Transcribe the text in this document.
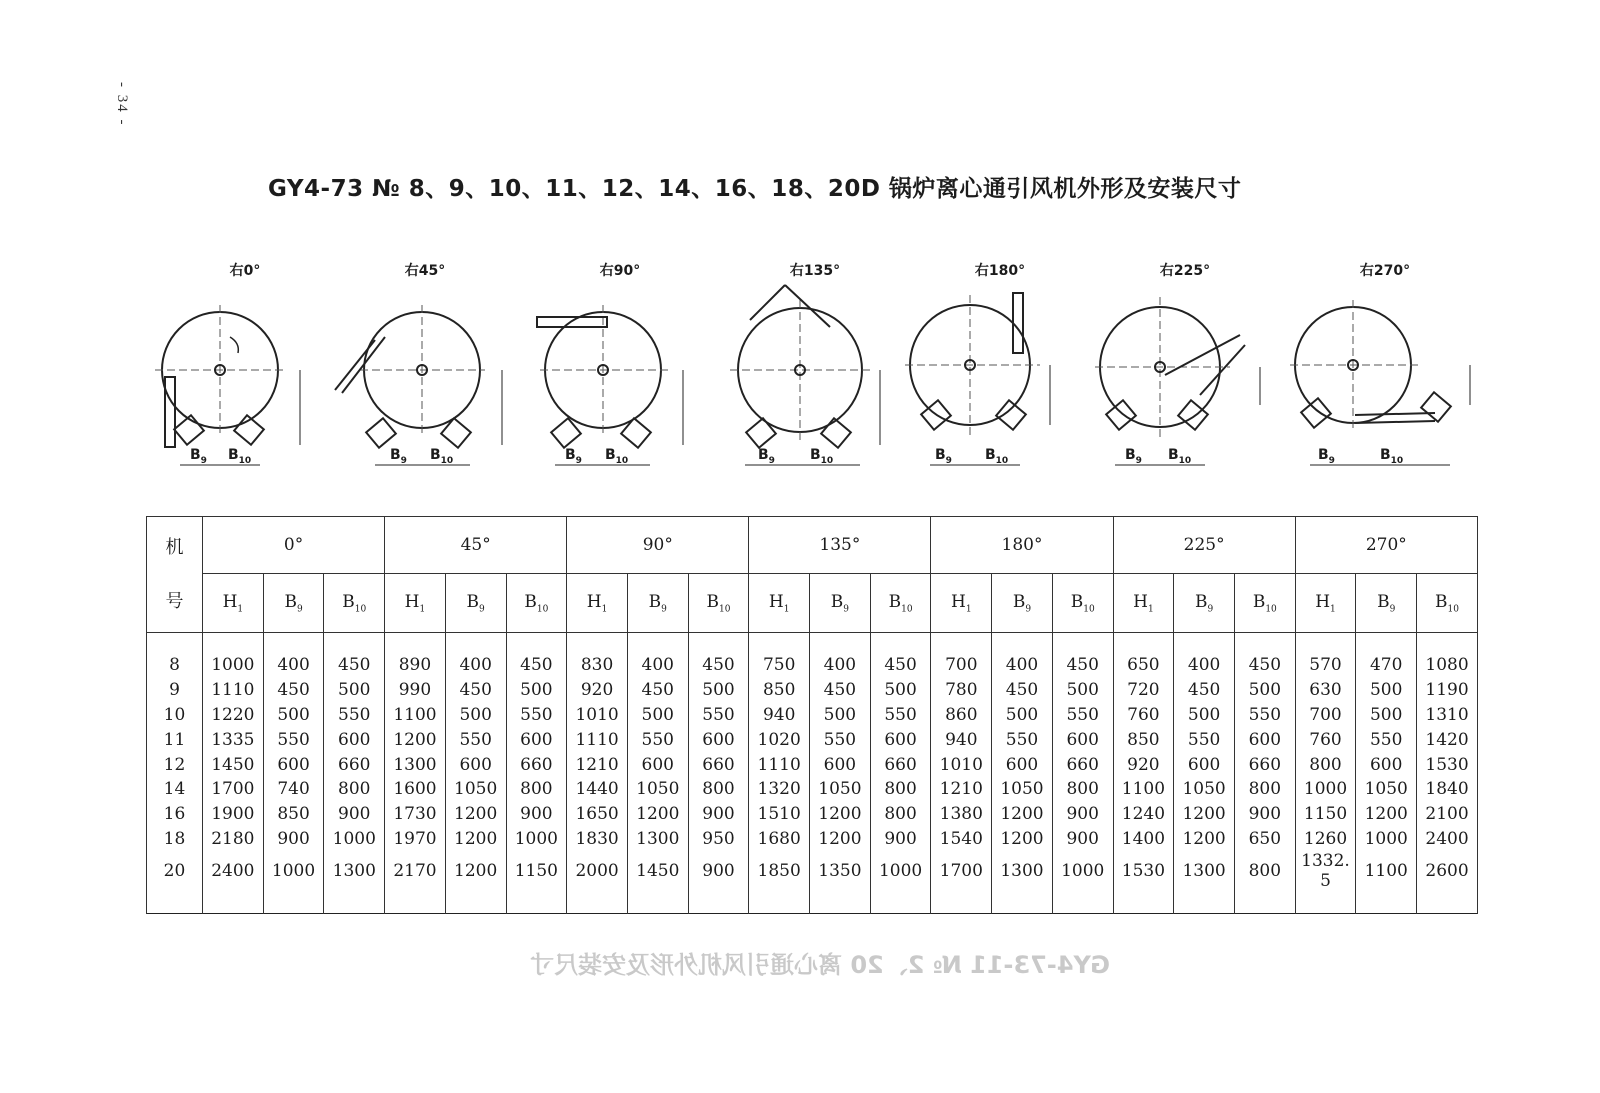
- 34 -
GY4-73 № 8、9、10、11、12、14、16、18、20D 锅炉离心通引风机外形及安装尺寸
右0°
$B_9$ $B_{10}$
右45°
$B_9$ $B_{10}$
右90°
$B_9$ $B_{10}$
右135°
$B_9$	$B_{10}$
右180°
$B_9$ $B_{10}$
右225°
$B_9$ $B_{10}$
右270°
$B_9$	$B_{10}$
机
号	0°			45°			90°			135°			180°			225°			270°		
	$H_1$	$B_9$	$B_{10}$	$H_1$	$B_9$	$B_{10}$	$H_1$	$B_9$	$B_{10}$	$H_1$	$B_9$	$B_{10}$	$H_1$	$B_9$	$B_{10}$	$H_1$	$B_9$	$B_{10}$	$H_1$	$B_9$	$B_{10}$
8	1000	400	450	890	400	450	830	400	450	750	400	450	700	400	450	650	400	450	570	470	1080
9	1110	450	500	990	450	500	920	450	500	850	450	500	780	450	500	720	450	500	630	500	1190
10	1220	500	550	1100	500	550	1010	500	550	940	500	550	860	500	550	760	500	550	700	500	1310
11	1335	550	600	1200	550	600	1110	550	600	1020	550	600	940	550	600	850	550	600	760	550	1420
12	1450	600	660	1300	600	660	1210	600	660	1110	600	660	1010	600	660	920	600	660	800	600	1530
14	1700	740	800	1600	1050	800	1440	1050	800	1320	1050	800	1210	1050	800	1100	1050	800	1000	1050	1840
16	1900	850	900	1730	1200	900	1650	1200	900	1510	1200	800	1380	1200	900	1240	1200	900	1150	1200	2100
18	2180	900	1000	1970	1200	1000	1830	1300	950	1680	1200	900	1540	1200	900	1400	1200	650	1260	1000	2400
20	2400	1000	1300	2170	1200	1150	2000	1450	900	1850	1350	1000	1700	1300	1000	1530	1300	800	1332. 5	1100	2600
GY4-73-11 № 2、20 离心通引风机外形及安装尺寸
